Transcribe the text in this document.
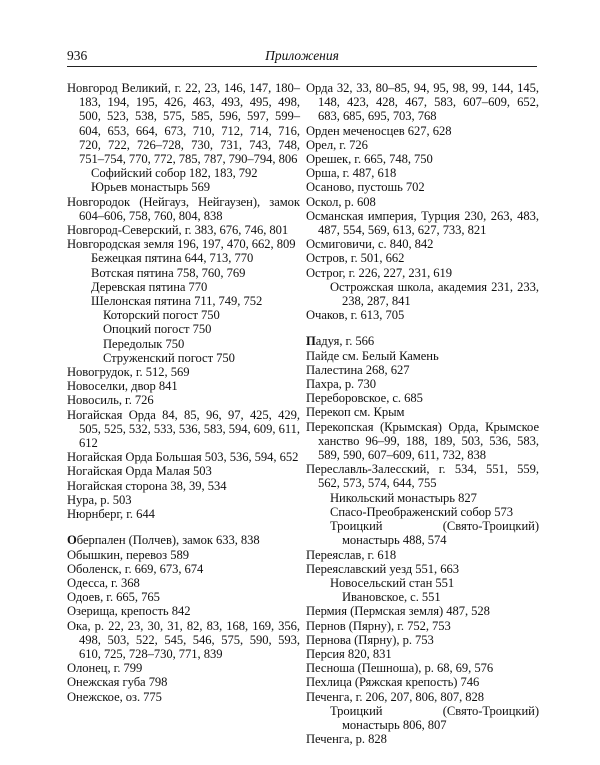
936	Приложения
Новгород Великий, г. 22, 23, 146, 147, 180–183, 194, 195, 426, 463, 493, 495, 498, 500, 523, 538, 575, 585, 596, 597, 599–604, 653, 664, 673, 710, 712, 714, 716, 720, 722, 726–728, 730, 731, 743, 748, 751–754, 770, 772, 785, 787, 790–794, 806
Софийский собор 182, 183, 792
Юрьев монастырь 569
Новгородок (Нейгауз, Нейгаузен), замок 604–606, 758, 760, 804, 838
Новгород-Северский, г. 383, 676, 746, 801
Новгородская земля 196, 197, 470, 662, 809
Бежецкая пятина 644, 713, 770
Вотская пятина 758, 760, 769
Деревская пятина 770
Шелонская пятина 711, 749, 752
Которский погост 750
Опоцкий погост 750
Передолык 750
Струженский погост 750
Новогрудок, г. 512, 569
Новоселки, двор 841
Новосиль, г. 726
Ногайская Орда 84, 85, 96, 97, 425, 429, 505, 525, 532, 533, 536, 583, 594, 609, 611, 612
Ногайская Орда Большая 503, 536, 594, 652
Ногайская Орда Малая 503
Ногайская сторона 38, 39, 534
Нура, р. 503
Нюрнберг, г. 644
Оберпален (Полчев), замок 633, 838
Обышкин, перевоз 589
Оболенск, г. 669, 673, 674
Одесса, г. 368
Одоев, г. 665, 765
Озерища, крепость 842
Ока, р. 22, 23, 30, 31, 82, 83, 168, 169, 356, 498, 503, 522, 545, 546, 575, 590, 593, 610, 725, 728–730, 771, 839
Олонец, г. 799
Онежская губа 798
Онежское, оз. 775
Орда 32, 33, 80–85, 94, 95, 98, 99, 144, 145, 148, 423, 428, 467, 583, 607–609, 652, 683, 685, 695, 703, 768
Орден меченосцев 627, 628
Орел, г. 726
Орешек, г. 665, 748, 750
Орша, г. 487, 618
Осаново, пустошь 702
Оскол, р. 608
Османская империя, Турция 230, 263, 483, 487, 554, 569, 613, 627, 733, 821
Осмиговичи, с. 840, 842
Остров, г. 501, 662
Острог, г. 226, 227, 231, 619
Острожская школа, академия 231, 233, 238, 287, 841
Очаков, г. 613, 705
Падуя, г. 566
Пайде см. Белый Камень
Палестина 268, 627
Пахра, р. 730
Переборовское, с. 685
Перекоп см. Крым
Перекопская (Крымская) Орда, Крымское ханство 96–99, 188, 189, 503, 536, 583, 589, 590, 607–609, 611, 732, 838
Переславль-Залесский, г. 534, 551, 559, 562, 573, 574, 644, 755
Никольский монастырь 827
Спасо-Преображенский собор 573
Троицкий (Свято-Троицкий) монастырь 488, 574
Переяслав, г. 618
Переяславский уезд 551, 663
Новосельский стан 551
Ивановское, с. 551
Пермия (Пермская земля) 487, 528
Пернов (Пярну), г. 752, 753
Пернова (Пярну), р. 753
Персия 820, 831
Песноша (Пешноша), р. 68, 69, 576
Пехлица (Ряжская крепость) 746
Печенга, г. 206, 207, 806, 807, 828
Троицкий (Свято-Троицкий) монастырь 806, 807
Печенга, р. 828
